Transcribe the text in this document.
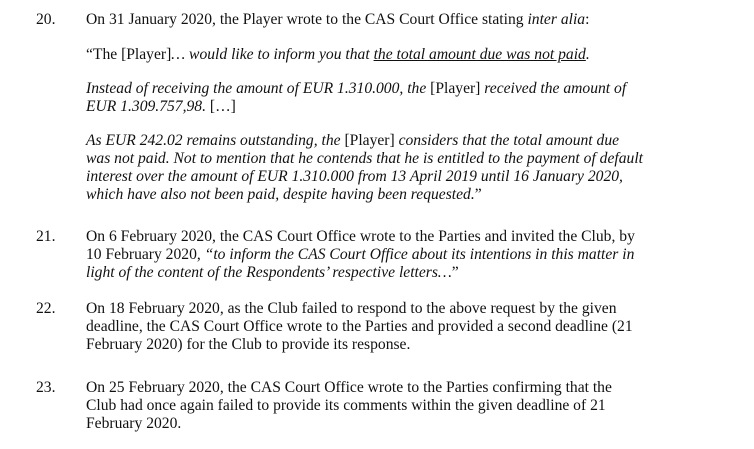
20. On 31 January 2020, the Player wrote to the CAS Court Office stating inter alia:
“The [Player]… would like to inform you that the total amount due was not paid.
Instead of receiving the amount of EUR 1.310.000, the [Player] received the amount of
EUR 1.309.757,98. […]
As EUR 242.02 remains outstanding, the [Player] considers that the total amount due
was not paid. Not to mention that he contends that he is entitled to the payment of default
interest over the amount of EUR 1.310.000 from 13 April 2019 until 16 January 2020,
which have also not been paid, despite having been requested.”
21. On 6 February 2020, the CAS Court Office wrote to the Parties and invited the Club, by
10 February 2020, “to inform the CAS Court Office about its intentions in this matter in
light of the content of the Respondents’ respective letters…”
22. On 18 February 2020, as the Club failed to respond to the above request by the given
deadline, the CAS Court Office wrote to the Parties and provided a second deadline (21
February 2020) for the Club to provide its response.
23. On 25 February 2020, the CAS Court Office wrote to the Parties confirming that the
Club had once again failed to provide its comments within the given deadline of 21
February 2020.
